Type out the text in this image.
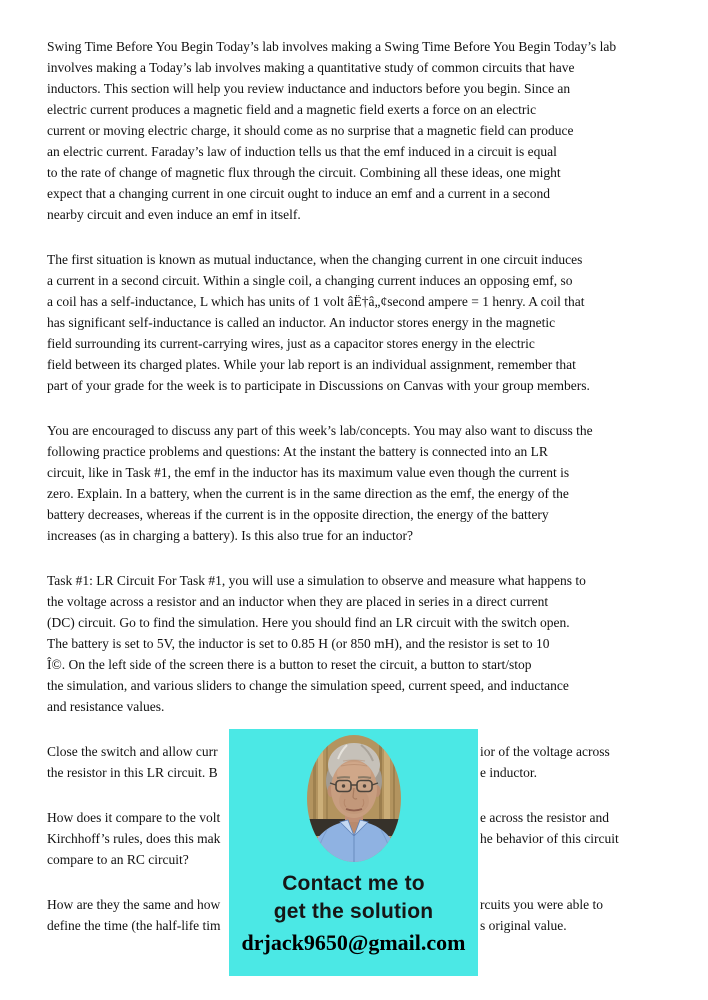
Swing Time Before You Begin Today’s lab involves making a Swing Time Before You Begin Today’s lab
involves making a Today’s lab involves making a quantitative study of common circuits that have
inductors. This section will help you review inductance and inductors before you begin. Since an
electric current produces a magnetic field and a magnetic field exerts a force on an electric
current or moving electric charge, it should come as no surprise that a magnetic field can produce
an electric current. Faraday’s law of induction tells us that the emf induced in a circuit is equal
to the rate of change of magnetic flux through the circuit. Combining all these ideas, one might
expect that a changing current in one circuit ought to induce an emf and a current in a second
nearby circuit and even induce an emf in itself.
The first situation is known as mutual inductance, when the changing current in one circuit induces
a current in a second circuit. Within a single coil, a changing current induces an opposing emf, so
a coil has a self-inductance, L which has units of 1 volt âË†â„¢second ampere = 1 henry. A coil that
has significant self-inductance is called an inductor. An inductor stores energy in the magnetic
field surrounding its current-carrying wires, just as a capacitor stores energy in the electric
field between its charged plates. While your lab report is an individual assignment, remember that
part of your grade for the week is to participate in Discussions on Canvas with your group members.
You are encouraged to discuss any part of this week’s lab/concepts. You may also want to discuss the
following practice problems and questions: At the instant the battery is connected into an LR
circuit, like in Task #1, the emf in the inductor has its maximum value even though the current is
zero. Explain. In a battery, when the current is in the same direction as the emf, the energy of the
battery decreases, whereas if the current is in the opposite direction, the energy of the battery
increases (as in charging a battery). Is this also true for an inductor?
Task #1: LR Circuit For Task #1, you will use a simulation to observe and measure what happens to
the voltage across a resistor and an inductor when they are placed in series in a direct current
(DC) circuit. Go to find the simulation. Here you should find an LR circuit with the switch open.
The battery is set to 5V, the inductor is set to 0.85 H (or 850 mH), and the resistor is set to 10
Î©. On the left side of the screen there is a button to reset the circuit, a button to start/stop
the simulation, and various sliders to change the simulation speed, current speed, and inductance
and resistance values.
Close the switch and allow curr	ior of the voltage across
the resistor in this LR circuit. B	e inductor.
How does it compare to the volt	e across the resistor and
Kirchhoff’s rules, does this mak	he behavior of this circuit
compare to an RC circuit?
How are they the same and how	rcuits you were able to
define the time (the half-life tim	s original value.
Contact me to
get the solution
drjack9650@gmail.com
